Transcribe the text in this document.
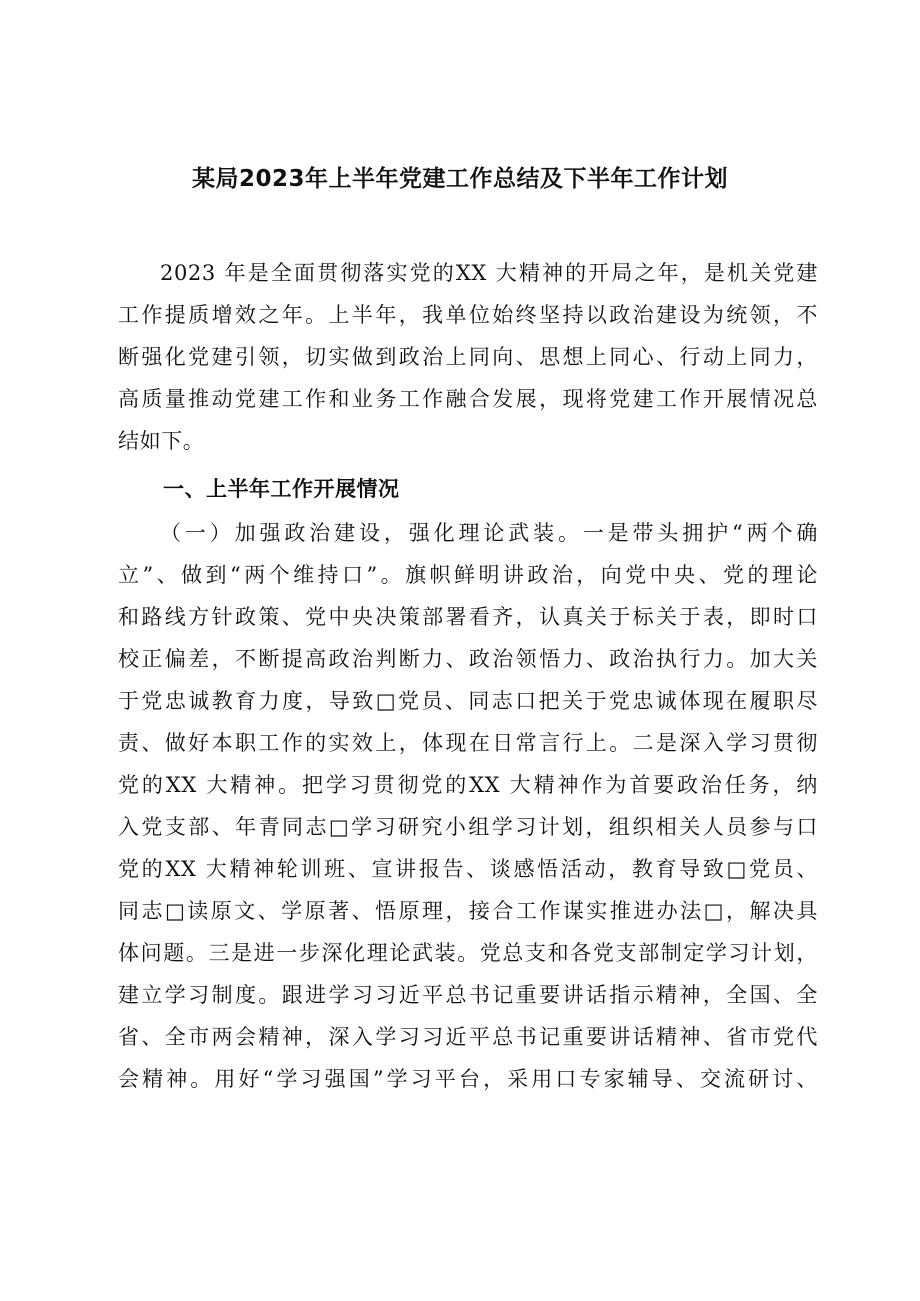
某局2023年上半年党建工作总结及下半年工作计划
2023 年是全面贯彻落实党的XX 大精神的开局之年，是机关党建
工作提质增效之年。上半年，我单位始终坚持以政治建设为统领，不
断强化党建引领，切实做到政治上同向、思想上同心、行动上同力，
高质量推动党建工作和业务工作融合发展，现将党建工作开展情况总
结如下。
一、上半年工作开展情况
（一）加强政治建设，强化理论武装。一是带头拥护“两个确
立”、做到“两个维持口”。旗帜鲜明讲政治，向党中央、党的理论
和路线方针政策、党中央决策部署看齐，认真关于标关于表，即时口
校正偏差，不断提高政治判断力、政治领悟力、政治执行力。加大关
于党忠诚教育力度，导致□党员、同志口把关于党忠诚体现在履职尽
责、做好本职工作的实效上，体现在日常言行上。二是深入学习贯彻
党的XX 大精神。把学习贯彻党的XX 大精神作为首要政治任务，纳
入党支部、年青同志□学习研究小组学习计划，组织相关人员参与口
党的XX 大精神轮训班、宣讲报告、谈感悟活动，教育导致□党员、
同志□读原文、学原著、悟原理，接合工作谋实推进办法□，解决具
体问题。三是进一步深化理论武装。党总支和各党支部制定学习计划，
建立学习制度。跟进学习习近平总书记重要讲话指示精神，全国、全
省、全市两会精神，深入学习习近平总书记重要讲话精神、省市党代
会精神。用好“学习强国”学习平台，采用口专家辅导、交流研讨、
